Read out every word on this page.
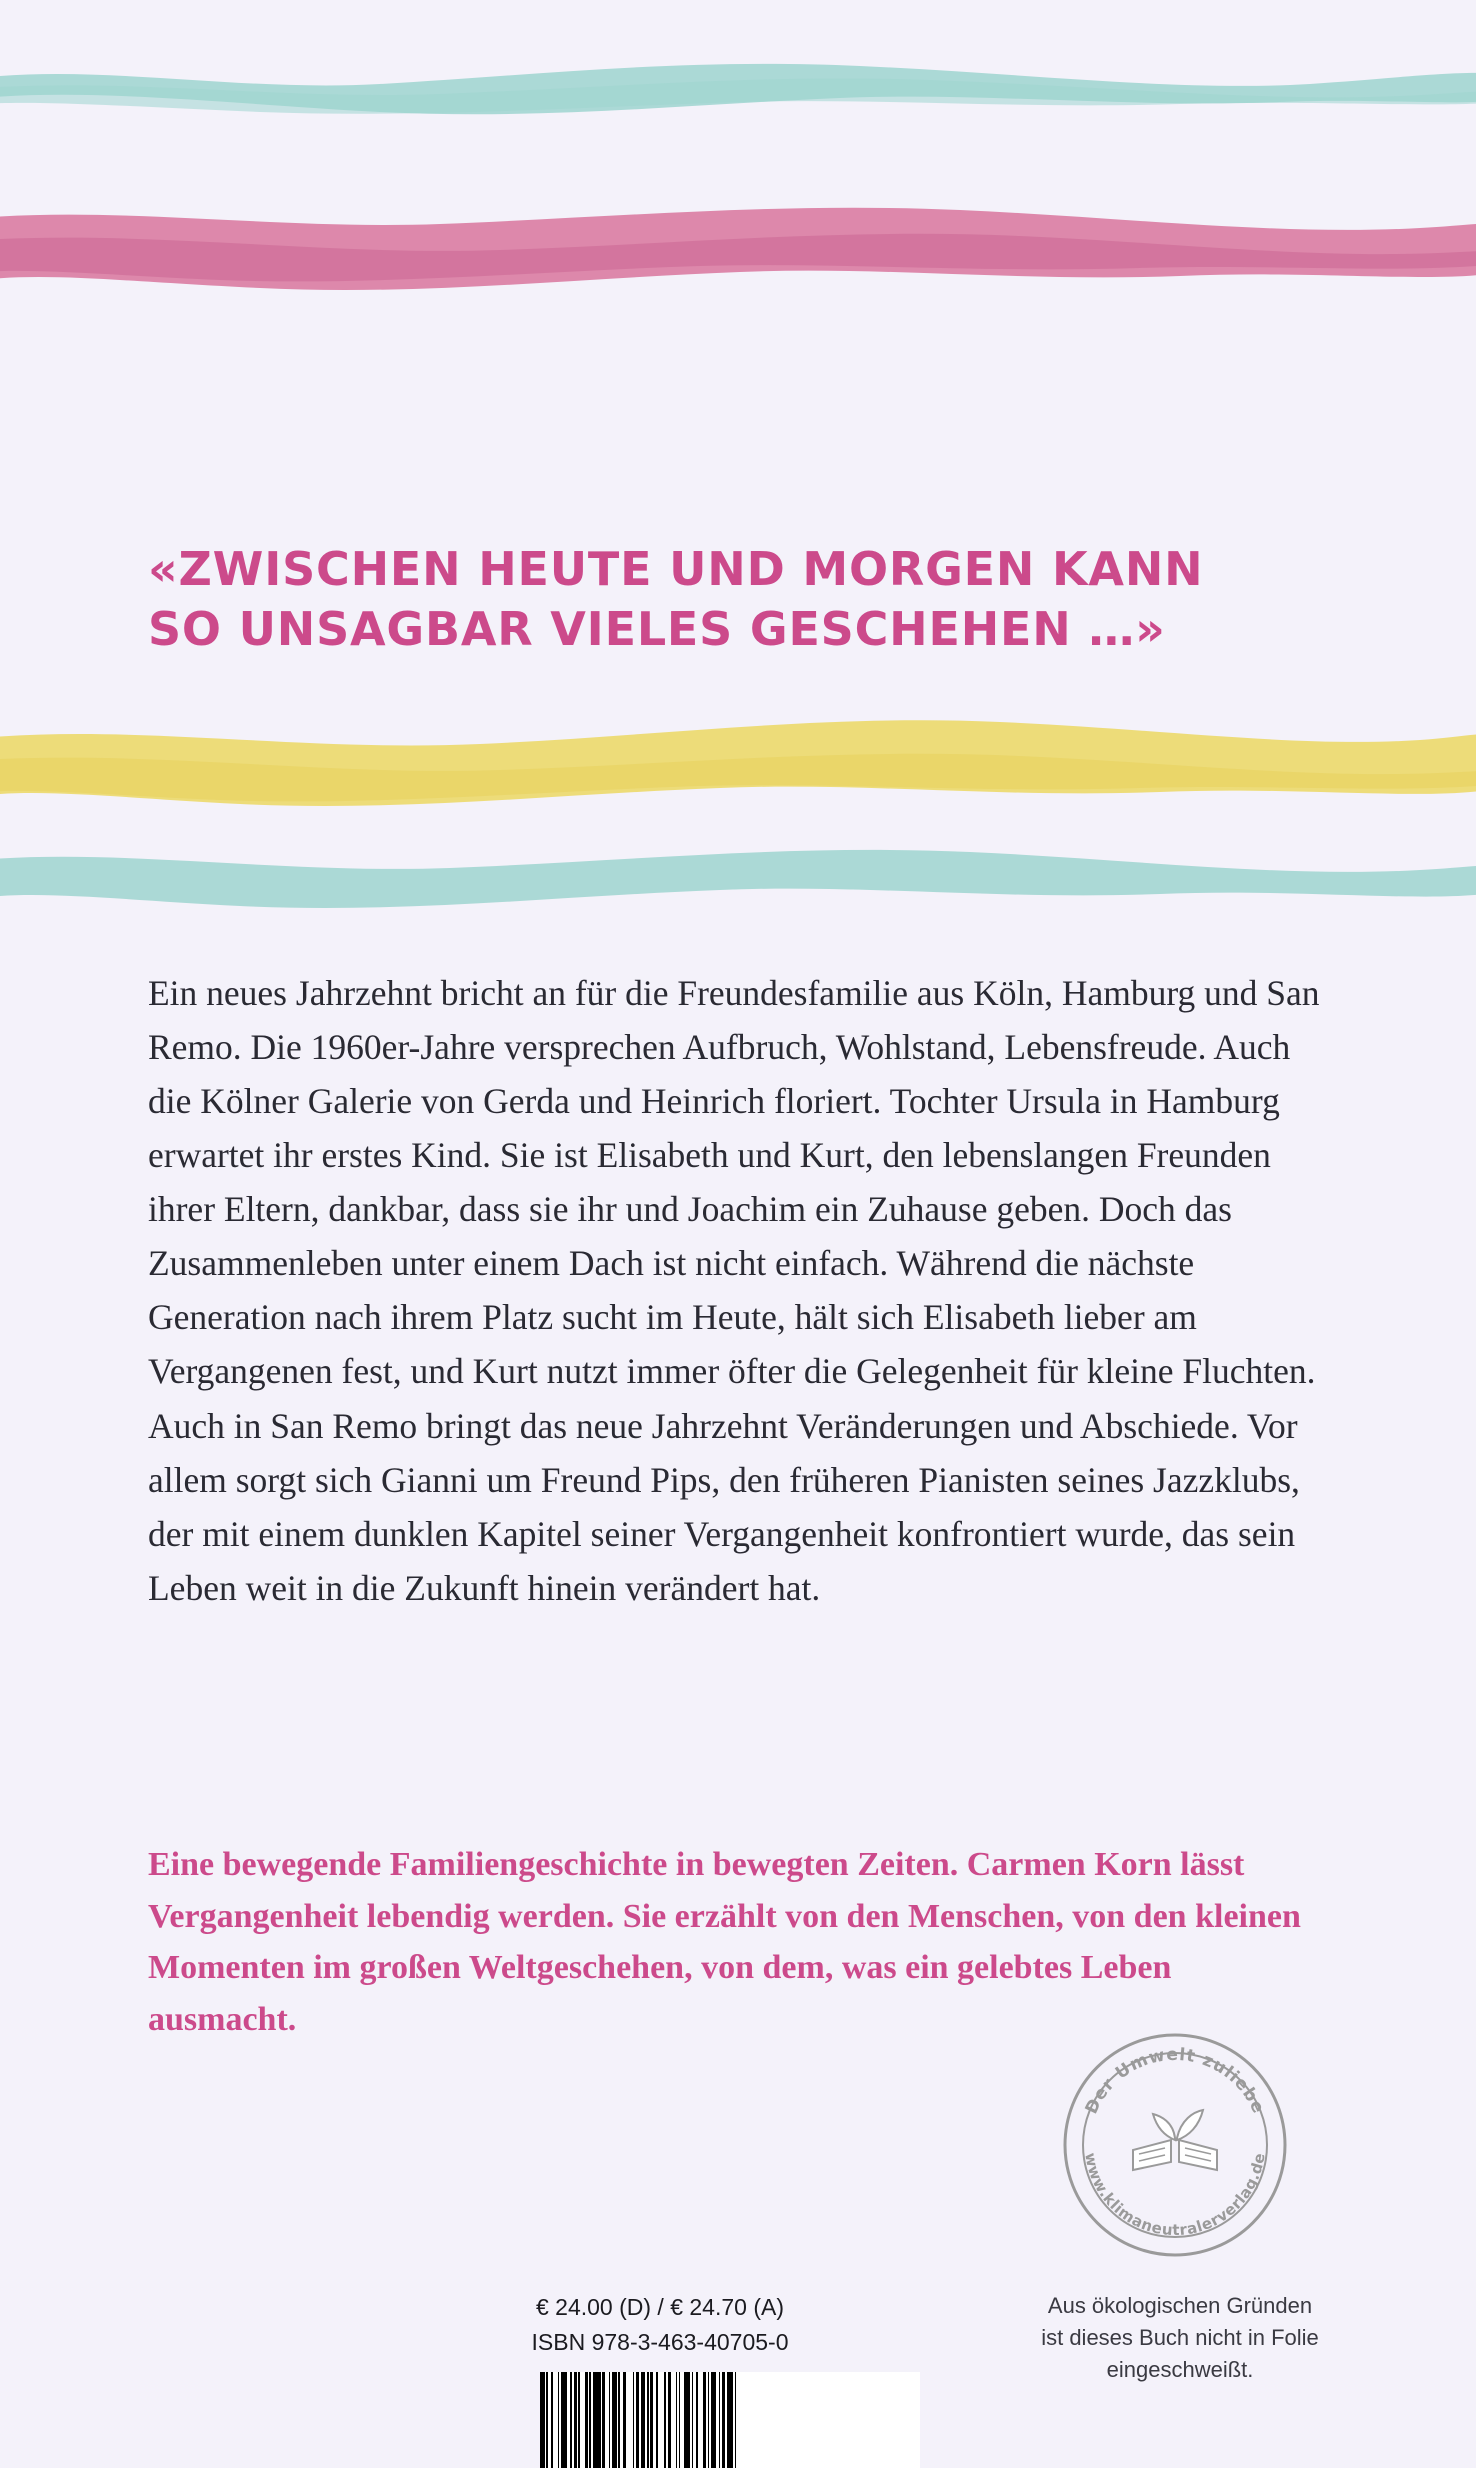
«ZWISCHEN HEUTE UND MORGEN KANN
SO UNSAGBAR VIELES GESCHEHEN …»

Ein neues Jahrzehnt bricht an für die Freundesfamilie aus Köln, Hamburg und San Remo. Die 1960er-Jahre versprechen Aufbruch, Wohlstand, Lebensfreude. Auch die Kölner Galerie von Gerda und Heinrich floriert. Tochter Ursula in Hamburg erwartet ihr erstes Kind. Sie ist Elisabeth und Kurt, den lebenslangen Freunden ihrer Eltern, dankbar, dass sie ihr und Joachim ein Zuhause geben. Doch das Zusammenleben unter einem Dach ist nicht einfach. Während die nächste Generation nach ihrem Platz sucht im Heute, hält sich Elisabeth lieber am Vergangenen fest, und Kurt nutzt immer öfter die Gelegenheit für kleine Fluchten. Auch in San Remo bringt das neue Jahrzehnt Veränderungen und Abschiede. Vor allem sorgt sich Gianni um Freund Pips, den früheren Pianisten seines Jazzklubs, der mit einem dunklen Kapitel seiner Vergangenheit konfrontiert wurde, das sein Leben weit in die Zukunft hinein verändert hat.

Eine bewegende Familiengeschichte in bewegten Zeiten. Carmen Korn lässt Vergangenheit lebendig werden. Sie erzählt von den Menschen, von den kleinen Momenten im großen Weltgeschehen, von dem, was ein gelebtes Leben ausmacht.

Der Umwelt zuliebe
www.klimaneutralerverlag.de
Aus ökologischen Gründen
ist dieses Buch nicht in Folie
eingeschweißt.
€ 24.00 (D) / € 24.70 (A)
ISBN 978-3-463-40705-0
